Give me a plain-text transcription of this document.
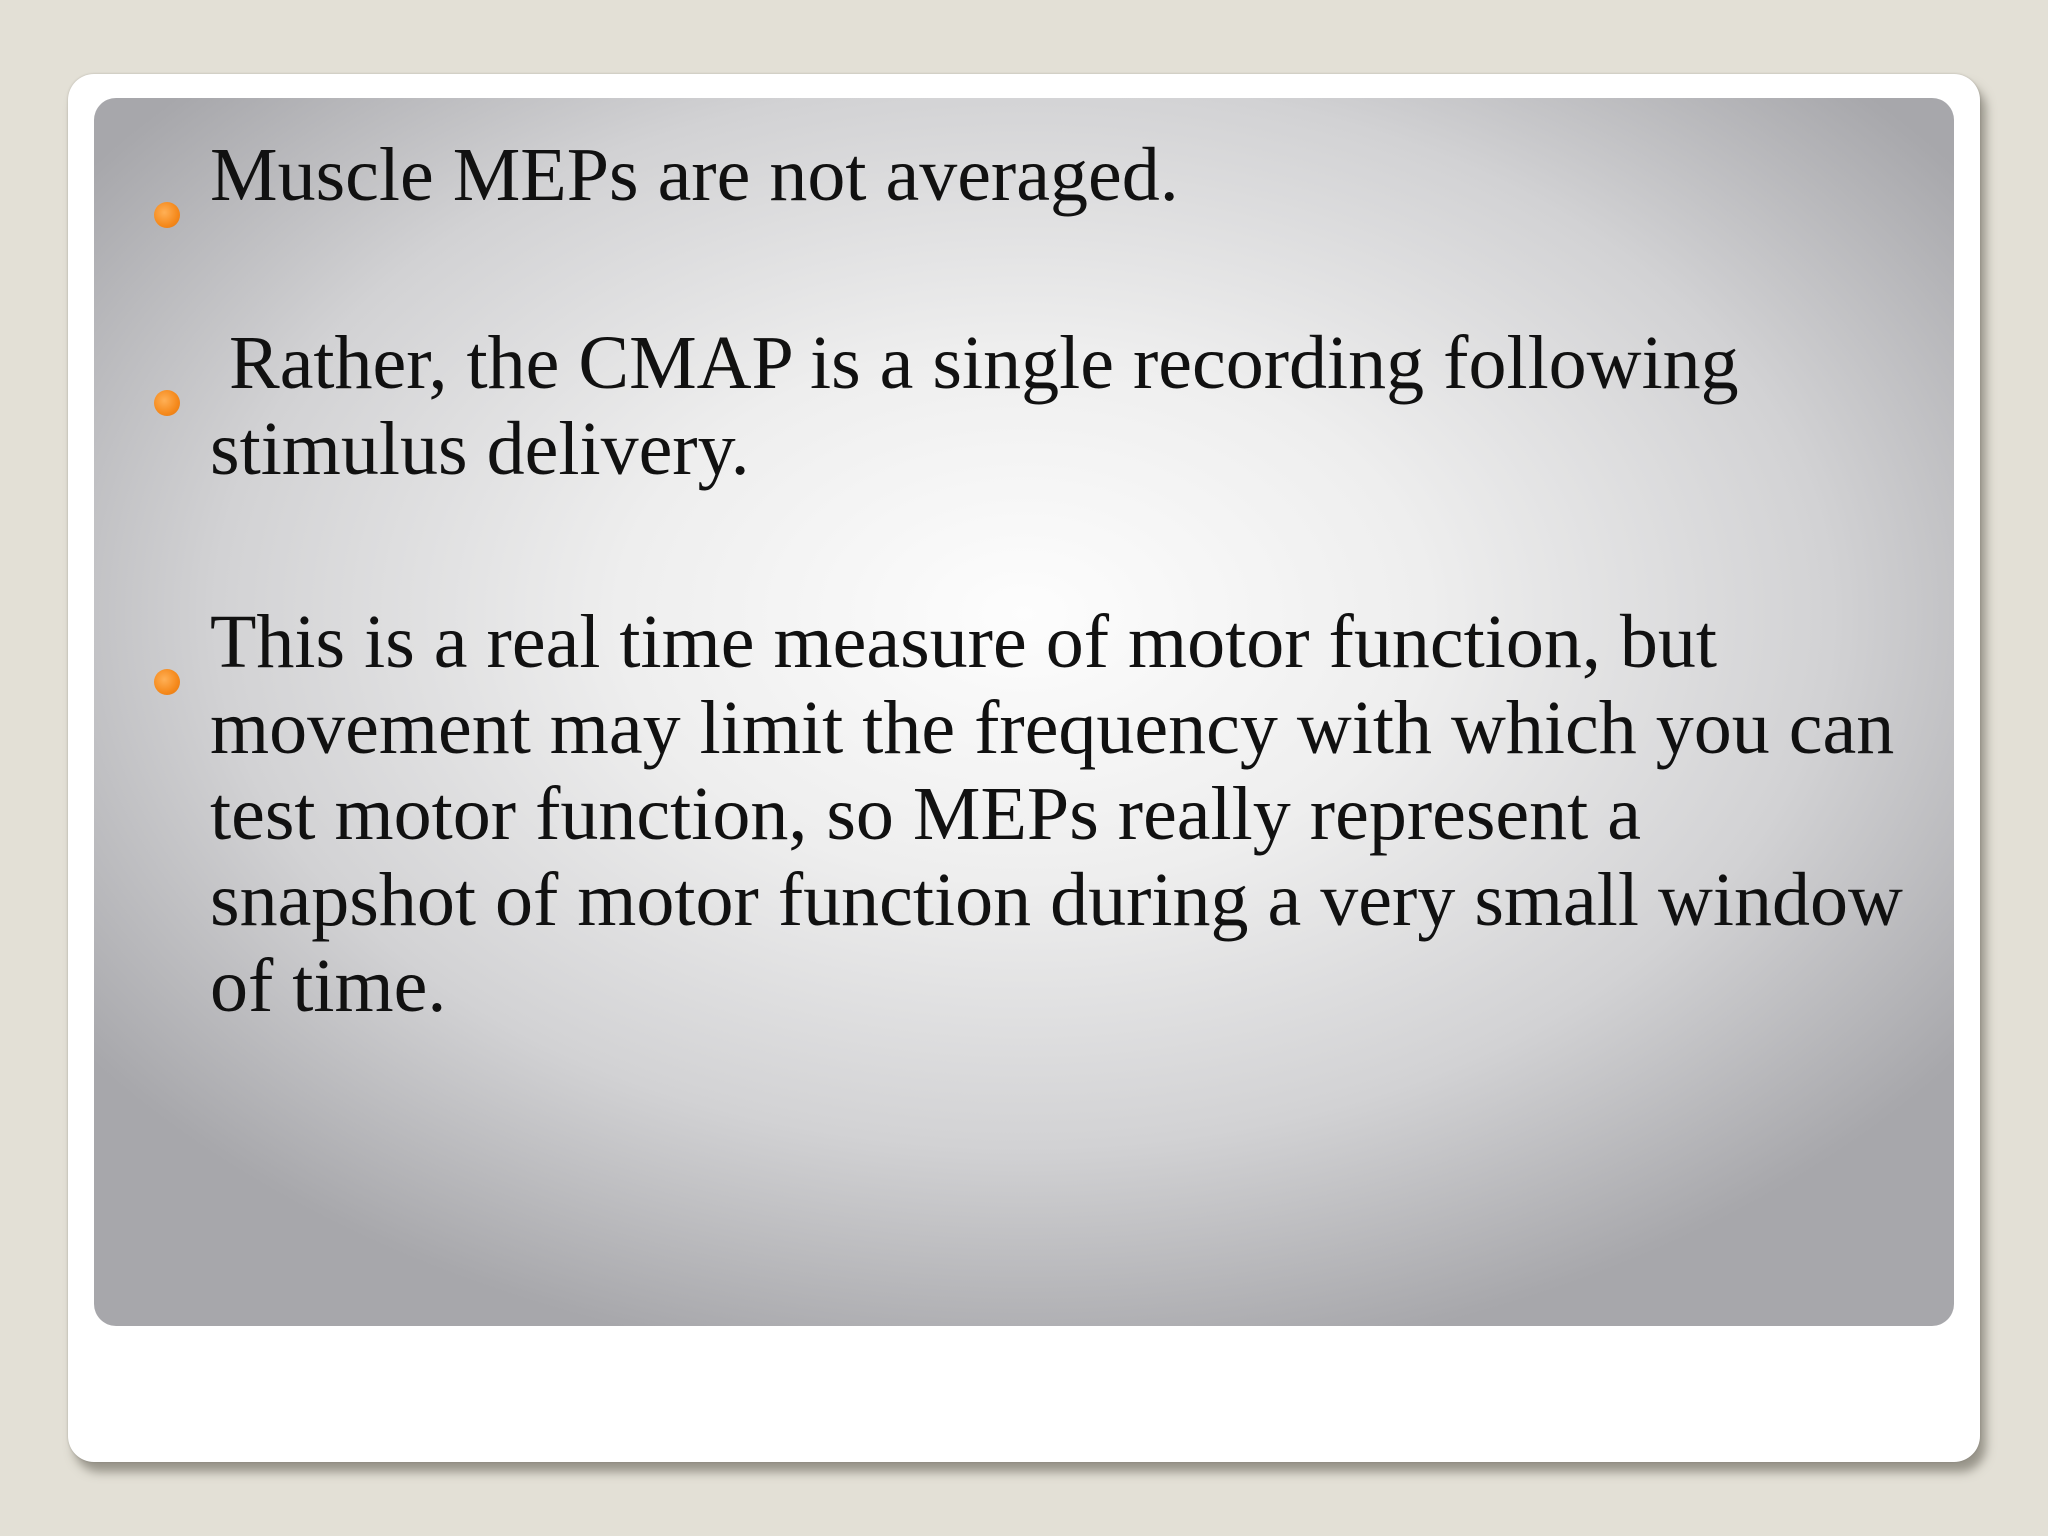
Muscle MEPs are not averaged.

Rather, the CMAP is a single recording following stimulus delivery.

This is a real time measure of motor function, but movement may limit the frequency with which you can test motor function, so MEPs really represent a snapshot of motor function during a very small window of time.
